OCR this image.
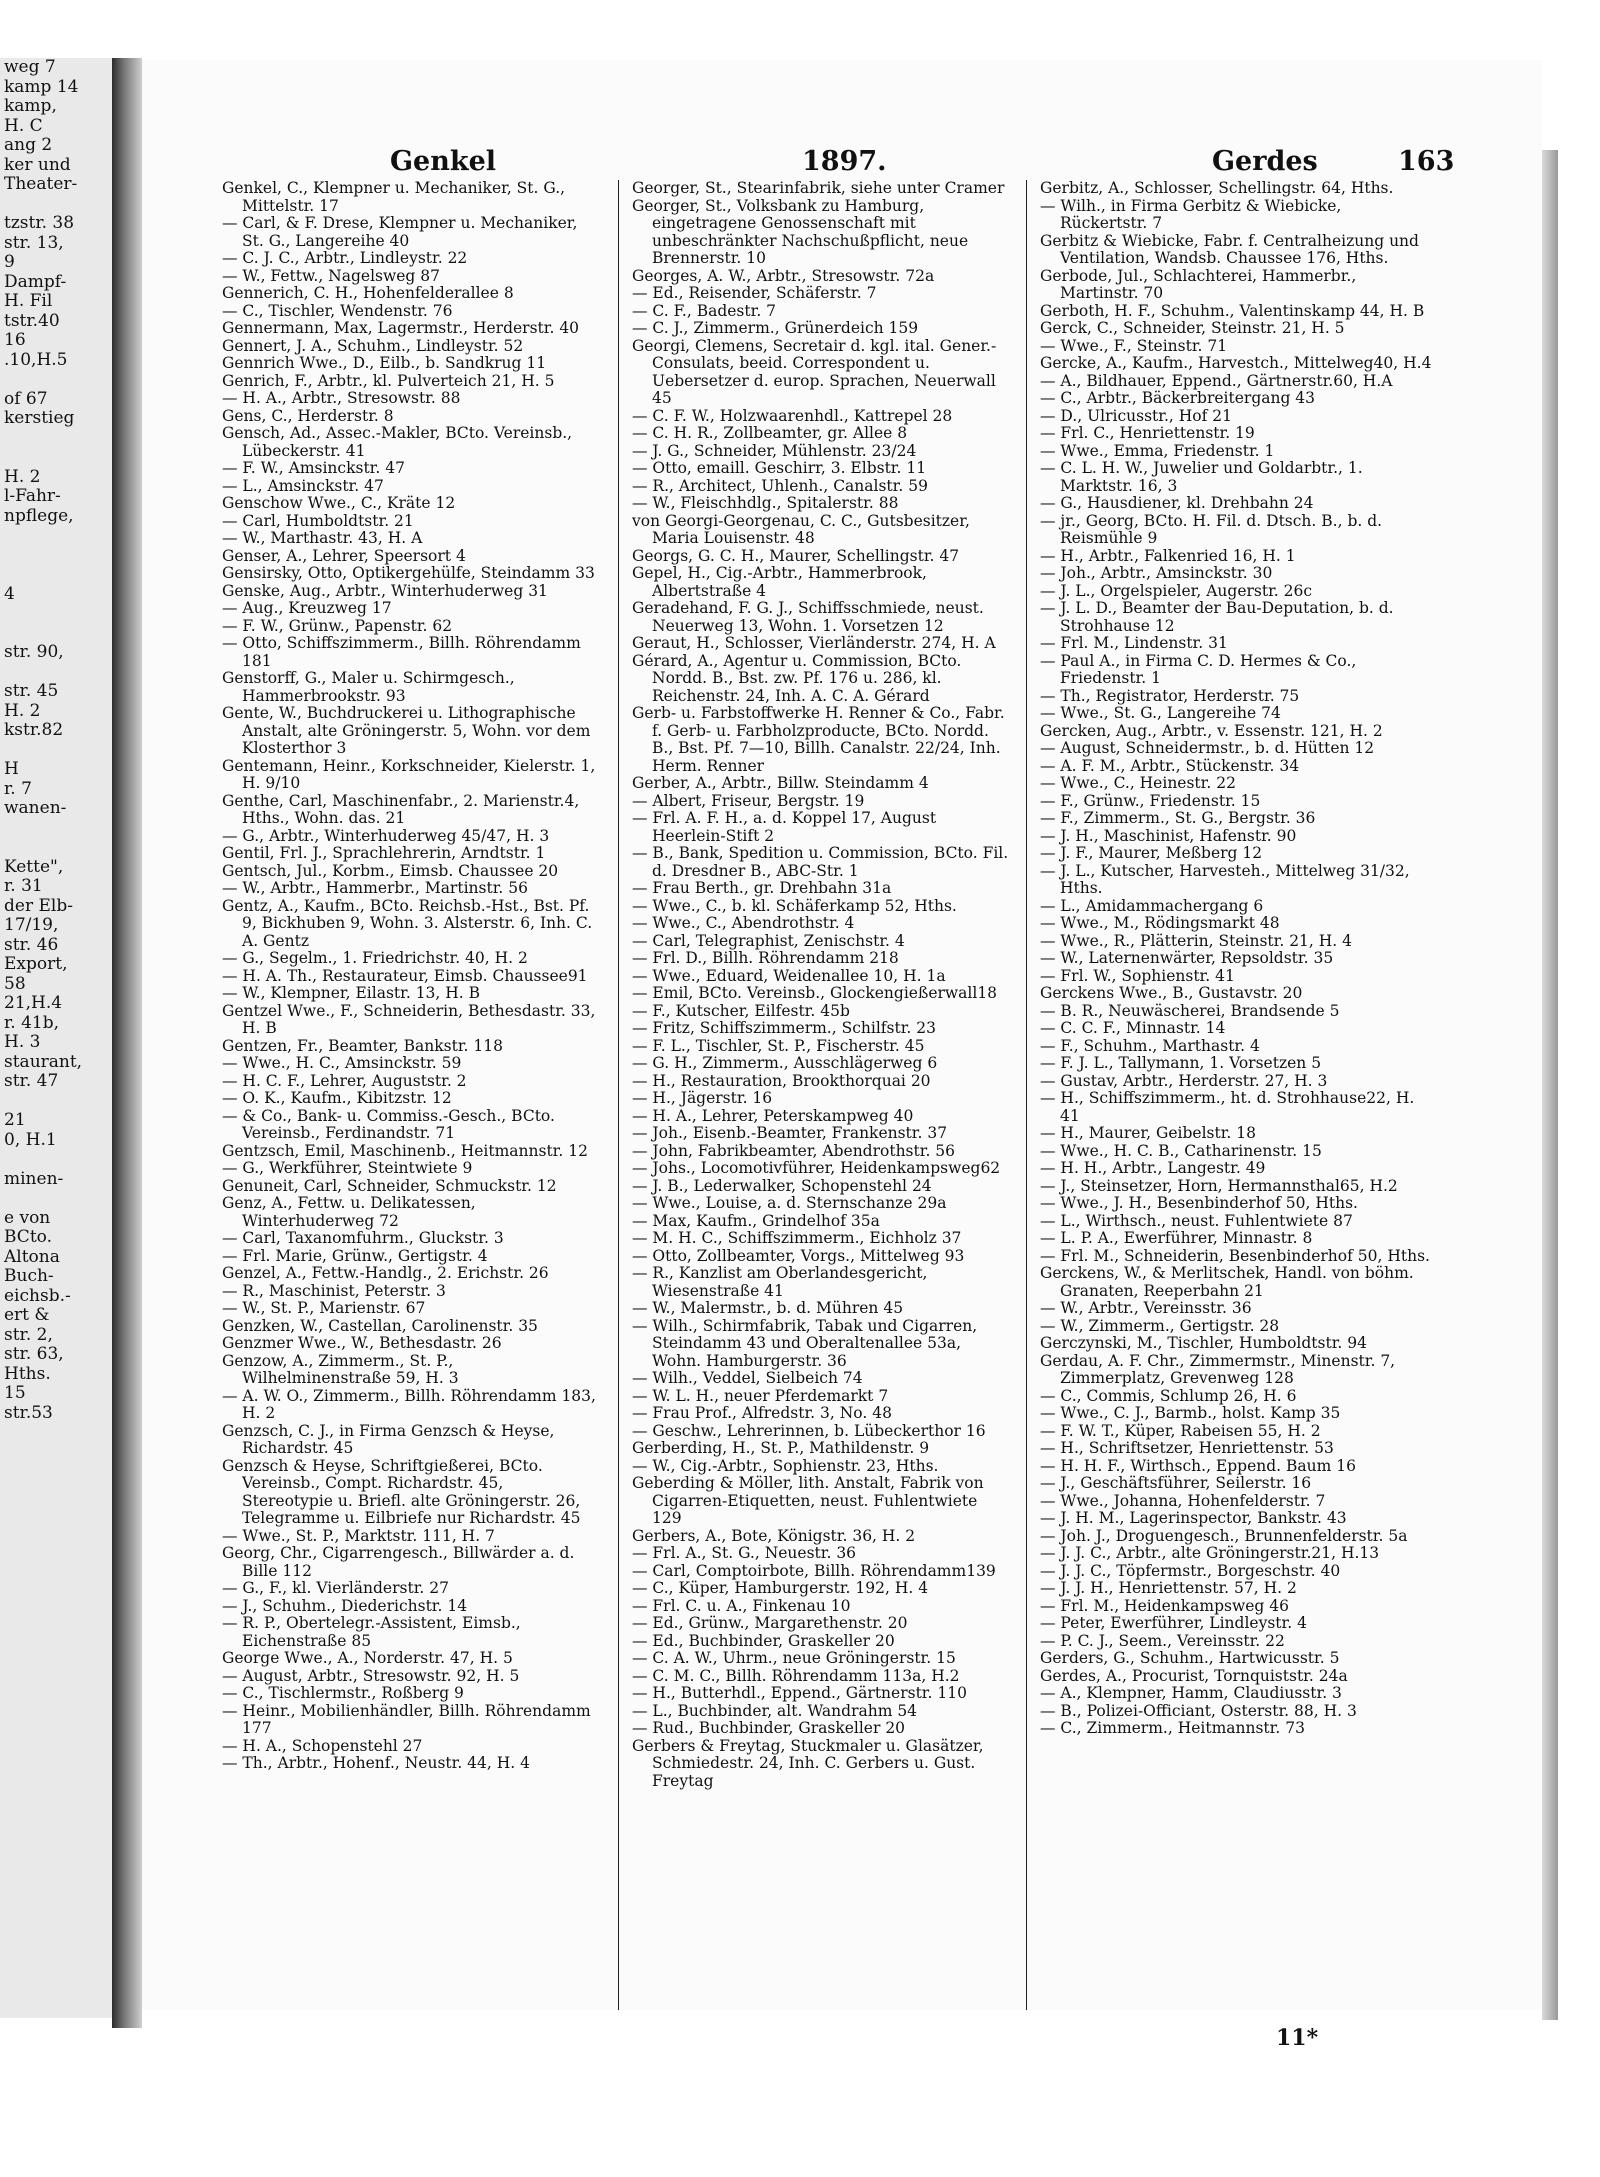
weg 7
kamp 14
kamp,
H. C
ang 2
ker und
Theater-

tzstr. 38
str. 13,
9
Dampf-
H. Fil
tstr.40
16
.10,H.5

of 67
kerstieg

H. 2
l-Fahr-
npflege,

4

str. 90,

str. 45
H. 2
kstr.82

H
r. 7
wanen-

Kette",
r. 31
der Elb-
17/19,
str. 46
Export,
58
21,H.4
r. 41b,
H. 3
staurant,
str. 47

21
0, H.1

minen-

e von
BCto.
Altona
Buch-
eichsb.-
ert &
str. 2,
str. 63,
Hths.
15
str.53
Genkel	1897.	Gerdes	163

Genkel, C., Klempner u. Mechaniker, St. G., Mittelstr. 17

— Carl, & F. Drese, Klempner u. Mechaniker, St. G., Langereihe 40

— C. J. C., Arbtr., Lindleystr. 22

— W., Fettw., Nagelsweg 87

Gennerich, C. H., Hohenfelderallee 8

— C., Tischler, Wendenstr. 76

Gennermann, Max, Lagermstr., Herderstr. 40

Gennert, J. A., Schuhm., Lindleystr. 52

Gennrich Wwe., D., Eilb., b. Sandkrug 11

Genrich, F., Arbtr., kl. Pulverteich 21, H. 5

— H. A., Arbtr., Stresowstr. 88

Gens, C., Herderstr. 8

Gensch, Ad., Assec.-Makler, BCto. Vereinsb., Lübeckerstr. 41

— F. W., Amsinckstr. 47

— L., Amsinckstr. 47

Genschow Wwe., C., Kräte 12

— Carl, Humboldtstr. 21

— W., Marthastr. 43, H. A

Genser, A., Lehrer, Speersort 4

Gensirsky, Otto, Optikergehülfe, Steindamm 33

Genske, Aug., Arbtr., Winterhuderweg 31

— Aug., Kreuzweg 17

— F. W., Grünw., Papenstr. 62

— Otto, Schiffszimmerm., Billh. Röhrendamm 181

Genstorff, G., Maler u. Schirmgesch., Hammerbrookstr. 93

Gente, W., Buchdruckerei u. Lithographische Anstalt, alte Gröningerstr. 5, Wohn. vor dem Klosterthor 3

Gentemann, Heinr., Korkschneider, Kielerstr. 1, H. 9/10

Genthe, Carl, Maschinenfabr., 2. Marienstr.4, Hths., Wohn. das. 21

— G., Arbtr., Winterhuderweg 45/47, H. 3

Gentil, Frl. J., Sprachlehrerin, Arndtstr. 1

Gentsch, Jul., Korbm., Eimsb. Chaussee 20

— W., Arbtr., Hammerbr., Martinstr. 56

Gentz, A., Kaufm., BCto. Reichsb.-Hst., Bst. Pf. 9, Bickhuben 9, Wohn. 3. Alsterstr. 6, Inh. C. A. Gentz

— G., Segelm., 1. Friedrichstr. 40, H. 2

— H. A. Th., Restaurateur, Eimsb. Chaussee91

— W., Klempner, Eilastr. 13, H. B

Gentzel Wwe., F., Schneiderin, Bethesdastr. 33, H. B

Gentzen, Fr., Beamter, Bankstr. 118

— Wwe., H. C., Amsinckstr. 59

— H. C. F., Lehrer, Auguststr. 2

— O. K., Kaufm., Kibitzstr. 12

— & Co., Bank- u. Commiss.-Gesch., BCto. Vereinsb., Ferdinandstr. 71

Gentzsch, Emil, Maschinenb., Heitmannstr. 12

— G., Werkführer, Steintwiete 9

Genuneit, Carl, Schneider, Schmuckstr. 12

Genz, A., Fettw. u. Delikatessen, Winterhuderweg 72

— Carl, Taxanomfuhrm., Gluckstr. 3

— Frl. Marie, Grünw., Gertigstr. 4

Genzel, A., Fettw.-Handlg., 2. Erichstr. 26

— R., Maschinist, Peterstr. 3

— W., St. P., Marienstr. 67

Genzken, W., Castellan, Carolinenstr. 35

Genzmer Wwe., W., Bethesdastr. 26

Genzow, A., Zimmerm., St. P., Wilhelminenstraße 59, H. 3

— A. W. O., Zimmerm., Billh. Röhrendamm 183, H. 2

Genzsch, C. J., in Firma Genzsch & Heyse, Richardstr. 45

Genzsch & Heyse, Schriftgießerei, BCto. Vereinsb., Compt. Richardstr. 45, Stereotypie u. Briefl. alte Gröningerstr. 26, Telegramme u. Eilbriefe nur Richardstr. 45

— Wwe., St. P., Marktstr. 111, H. 7

Georg, Chr., Cigarrengesch., Billwärder a. d. Bille 112

— G., F., kl. Vierländerstr. 27

— J., Schuhm., Diederichstr. 14

— R. P., Obertelegr.-Assistent, Eimsb., Eichenstraße 85

George Wwe., A., Norderstr. 47, H. 5

— August, Arbtr., Stresowstr. 92, H. 5

— C., Tischlermstr., Roßberg 9

— Heinr., Mobilienhändler, Billh. Röhrendamm 177

— H. A., Schopenstehl 27

— Th., Arbtr., Hohenf., Neustr. 44, H. 4

Georger, St., Stearinfabrik, siehe unter Cramer

Georger, St., Volksbank zu Hamburg, eingetragene Genossenschaft mit unbeschränkter Nachschußpflicht, neue Brennerstr. 10

Georges, A. W., Arbtr., Stresowstr. 72a

— Ed., Reisender, Schäferstr. 7

— C. F., Badestr. 7

— C. J., Zimmerm., Grünerdeich 159

Georgi, Clemens, Secretair d. kgl. ital. Gener.-Consulats, beeid. Correspondent u. Uebersetzer d. europ. Sprachen, Neuerwall 45

— C. F. W., Holzwaarenhdl., Kattrepel 28

— C. H. R., Zollbeamter, gr. Allee 8

— J. G., Schneider, Mühlenstr. 23/24

— Otto, emaill. Geschirr, 3. Elbstr. 11

— R., Architect, Uhlenh., Canalstr. 59

— W., Fleischhdlg., Spitalerstr. 88

von Georgi-Georgenau, C. C., Gutsbesitzer, Maria Louisenstr. 48

Georgs, G. C. H., Maurer, Schellingstr. 47

Gepel, H., Cig.-Arbtr., Hammerbrook, Albertstraße 4

Geradehand, F. G. J., Schiffsschmiede, neust. Neuerweg 13, Wohn. 1. Vorsetzen 12

Geraut, H., Schlosser, Vierländerstr. 274, H. A

Gérard, A., Agentur u. Commission, BCto. Nordd. B., Bst. zw. Pf. 176 u. 286, kl. Reichenstr. 24, Inh. A. C. A. Gérard

Gerb- u. Farbstoffwerke H. Renner & Co., Fabr. f. Gerb- u. Farbholzproducte, BCto. Nordd. B., Bst. Pf. 7—10, Billh. Canalstr. 22/24, Inh. Herm. Renner

Gerber, A., Arbtr., Billw. Steindamm 4

— Albert, Friseur, Bergstr. 19

— Frl. A. F. H., a. d. Koppel 17, August Heerlein-Stift 2

— B., Bank, Spedition u. Commission, BCto. Fil. d. Dresdner B., ABC-Str. 1

— Frau Berth., gr. Drehbahn 31a

— Wwe., C., b. kl. Schäferkamp 52, Hths.

— Wwe., C., Abendrothstr. 4

— Carl, Telegraphist, Zenischstr. 4

— Frl. D., Billh. Röhrendamm 218

— Wwe., Eduard, Weidenallee 10, H. 1a

— Emil, BCto. Vereinsb., Glockengießerwall18

— F., Kutscher, Eilfestr. 45b

— Fritz, Schiffszimmerm., Schilfstr. 23

— F. L., Tischler, St. P., Fischerstr. 45

— G. H., Zimmerm., Ausschlägerweg 6

— H., Restauration, Brookthorquai 20

— H., Jägerstr. 16

— H. A., Lehrer, Peterskampweg 40

— Joh., Eisenb.-Beamter, Frankenstr. 37

— John, Fabrikbeamter, Abendrothstr. 56

— Johs., Locomotivführer, Heidenkampsweg62

— J. B., Lederwalker, Schopenstehl 24

— Wwe., Louise, a. d. Sternschanze 29a

— Max, Kaufm., Grindelhof 35a

— M. H. C., Schiffszimmerm., Eichholz 37

— Otto, Zollbeamter, Vorgs., Mittelweg 93

— R., Kanzlist am Oberlandesgericht, Wiesenstraße 41

— W., Malermstr., b. d. Mühren 45

— Wilh., Schirmfabrik, Tabak und Cigarren, Steindamm 43 und Oberaltenallee 53a, Wohn. Hamburgerstr. 36

— Wilh., Veddel, Sielbeich 74

— W. L. H., neuer Pferdemarkt 7

— Frau Prof., Alfredstr. 3, No. 48

— Geschw., Lehrerinnen, b. Lübeckerthor 16

Gerberding, H., St. P., Mathildenstr. 9

— W., Cig.-Arbtr., Sophienstr. 23, Hths.

Geberding & Möller, lith. Anstalt, Fabrik von Cigarren-Etiquetten, neust. Fuhlentwiete 129

Gerbers, A., Bote, Königstr. 36, H. 2

— Frl. A., St. G., Neuestr. 36

— Carl, Comptoirbote, Billh. Röhrendamm139

— C., Küper, Hamburgerstr. 192, H. 4

— Frl. C. u. A., Finkenau 10

— Ed., Grünw., Margarethenstr. 20

— Ed., Buchbinder, Graskeller 20

— C. A. W., Uhrm., neue Gröningerstr. 15

— C. M. C., Billh. Röhrendamm 113a, H.2

— H., Butterhdl., Eppend., Gärtnerstr. 110

— L., Buchbinder, alt. Wandrahm 54

— Rud., Buchbinder, Graskeller 20

Gerbers & Freytag, Stuckmaler u. Glasätzer, Schmiedestr. 24, Inh. C. Gerbers u. Gust. Freytag

Gerbitz, A., Schlosser, Schellingstr. 64, Hths.

— Wilh., in Firma Gerbitz & Wiebicke, Rückertstr. 7

Gerbitz & Wiebicke, Fabr. f. Centralheizung und Ventilation, Wandsb. Chaussee 176, Hths.

Gerbode, Jul., Schlachterei, Hammerbr., Martinstr. 70

Gerboth, H. F., Schuhm., Valentinskamp 44, H. B

Gerck, C., Schneider, Steinstr. 21, H. 5

— Wwe., F., Steinstr. 71

Gercke, A., Kaufm., Harvestch., Mittelweg40, H.4

— A., Bildhauer, Eppend., Gärtnerstr.60, H.A

— C., Arbtr., Bäckerbreitergang 43

— D., Ulricusstr., Hof 21

— Frl. C., Henriettenstr. 19

— Wwe., Emma, Friedenstr. 1

— C. L. H. W., Juwelier und Goldarbtr., 1. Marktstr. 16, 3

— G., Hausdiener, kl. Drehbahn 24

— jr., Georg, BCto. H. Fil. d. Dtsch. B., b. d. Reismühle 9

— H., Arbtr., Falkenried 16, H. 1

— Joh., Arbtr., Amsinckstr. 30

— J. L., Orgelspieler, Augerstr. 26c

— J. L. D., Beamter der Bau-Deputation, b. d. Strohhause 12

— Frl. M., Lindenstr. 31

— Paul A., in Firma C. D. Hermes & Co., Friedenstr. 1

— Th., Registrator, Herderstr. 75

— Wwe., St. G., Langereihe 74

Gercken, Aug., Arbtr., v. Essenstr. 121, H. 2

— August, Schneidermstr., b. d. Hütten 12

— A. F. M., Arbtr., Stückenstr. 34

— Wwe., C., Heinestr. 22

— F., Grünw., Friedenstr. 15

— F., Zimmerm., St. G., Bergstr. 36

— J. H., Maschinist, Hafenstr. 90

— J. F., Maurer, Meßberg 12

— J. L., Kutscher, Harvesteh., Mittelweg 31/32, Hths.

— L., Amidammachergang 6

— Wwe., M., Rödingsmarkt 48

— Wwe., R., Plätterin, Steinstr. 21, H. 4

— W., Laternenwärter, Repsoldstr. 35

— Frl. W., Sophienstr. 41

Gerckens Wwe., B., Gustavstr. 20

— B. R., Neuwäscherei, Brandsende 5

— C. C. F., Minnastr. 14

— F., Schuhm., Marthastr. 4

— F. J. L., Tallymann, 1. Vorsetzen 5

— Gustav, Arbtr., Herderstr. 27, H. 3

— H., Schiffszimmerm., ht. d. Strohhause22, H. 41

— H., Maurer, Geibelstr. 18

— Wwe., H. C. B., Catharinenstr. 15

— H. H., Arbtr., Langestr. 49

— J., Steinsetzer, Horn, Hermannsthal65, H.2

— Wwe., J. H., Besenbinderhof 50, Hths.

— L., Wirthsch., neust. Fuhlentwiete 87

— L. P. A., Ewerführer, Minnastr. 8

— Frl. M., Schneiderin, Besenbinderhof 50, Hths.

Gerckens, W., & Merlitschek, Handl. von böhm. Granaten, Reeperbahn 21

— W., Arbtr., Vereinsstr. 36

— W., Zimmerm., Gertigstr. 28

Gerczynski, M., Tischler, Humboldtstr. 94

Gerdau, A. F. Chr., Zimmermstr., Minenstr. 7, Zimmerplatz, Grevenweg 128

— C., Commis, Schlump 26, H. 6

— Wwe., C. J., Barmb., holst. Kamp 35

— F. W. T., Küper, Rabeisen 55, H. 2

— H., Schriftsetzer, Henriettenstr. 53

— H. H. F., Wirthsch., Eppend. Baum 16

— J., Geschäftsführer, Seilerstr. 16

— Wwe., Johanna, Hohenfelderstr. 7

— J. H. M., Lagerinspector, Bankstr. 43

— Joh. J., Droguengesch., Brunnenfelderstr. 5a

— J. J. C., Arbtr., alte Gröningerstr.21, H.13

— J. J. C., Töpfermstr., Borgeschstr. 40

— J. J. H., Henriettenstr. 57, H. 2

— Frl. M., Heidenkampsweg 46

— Peter, Ewerführer, Lindleystr. 4

— P. C. J., Seem., Vereinsstr. 22

Gerders, G., Schuhm., Hartwicusstr. 5

Gerdes, A., Procurist, Tornquiststr. 24a

— A., Klempner, Hamm, Claudiusstr. 3

— B., Polizei-Officiant, Osterstr. 88, H. 3

— C., Zimmerm., Heitmannstr. 73

11*
